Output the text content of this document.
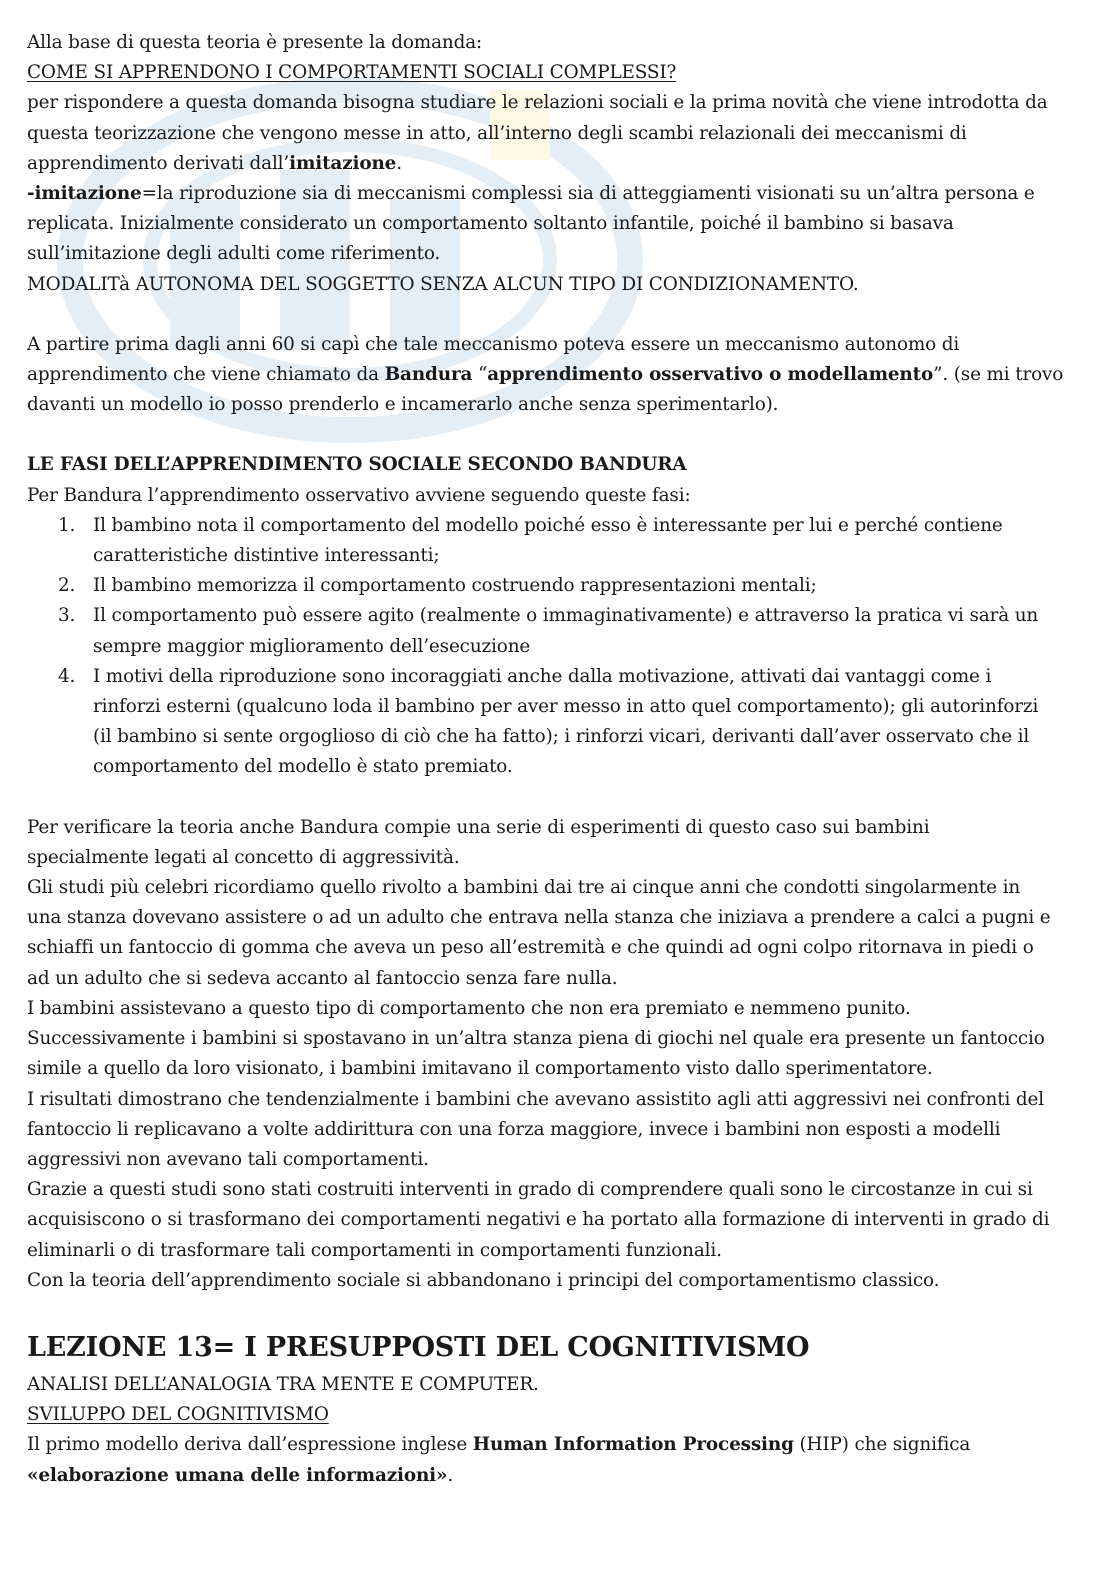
Alla base di questa teoria è presente la domanda:

COME SI APPRENDONO I COMPORTAMENTI SOCIALI COMPLESSI?

per rispondere a questa domanda bisogna studiare le relazioni sociali e la prima novità che viene introdotta da

questa teorizzazione che vengono messe in atto, all’interno degli scambi relazionali dei meccanismi di

apprendimento derivati dall’imitazione.

-imitazione=la riproduzione sia di meccanismi complessi sia di atteggiamenti visionati su un’altra persona e

replicata. Inizialmente considerato un comportamento soltanto infantile, poiché il bambino si basava

sull’imitazione degli adulti come riferimento.

MODALITà AUTONOMA DEL SOGGETTO SENZA ALCUN TIPO DI CONDIZIONAMENTO.

A partire prima dagli anni 60 si capì che tale meccanismo poteva essere un meccanismo autonomo di

apprendimento che viene chiamato da Bandura “apprendimento osservativo o modellamento”. (se mi trovo

davanti un modello io posso prenderlo e incamerarlo anche senza sperimentarlo).

LE FASI DELL’APPRENDIMENTO SOCIALE SECONDO BANDURA

Per Bandura l’apprendimento osservativo avviene seguendo queste fasi:

1. Il bambino nota il comportamento del modello poiché esso è interessante per lui e perché contiene
caratteristiche distintive interessanti;
2. Il bambino memorizza il comportamento costruendo rappresentazioni mentali;
3. Il comportamento può essere agito (realmente o immaginativamente) e attraverso la pratica vi sarà un
sempre maggior miglioramento dell’esecuzione
4. I motivi della riproduzione sono incoraggiati anche dalla motivazione, attivati dai vantaggi come i
rinforzi esterni (qualcuno loda il bambino per aver messo in atto quel comportamento); gli autorinforzi
(il bambino si sente orgoglioso di ciò che ha fatto); i rinforzi vicari, derivanti dall’aver osservato che il
comportamento del modello è stato premiato.

Per verificare la teoria anche Bandura compie una serie di esperimenti di questo caso sui bambini

specialmente legati al concetto di aggressività.

Gli studi più celebri ricordiamo quello rivolto a bambini dai tre ai cinque anni che condotti singolarmente in

una stanza dovevano assistere o ad un adulto che entrava nella stanza che iniziava a prendere a calci a pugni e

schiaffi un fantoccio di gomma che aveva un peso all’estremità e che quindi ad ogni colpo ritornava in piedi o

ad un adulto che si sedeva accanto al fantoccio senza fare nulla.

I bambini assistevano a questo tipo di comportamento che non era premiato e nemmeno punito.

Successivamente i bambini si spostavano in un’altra stanza piena di giochi nel quale era presente un fantoccio

simile a quello da loro visionato, i bambini imitavano il comportamento visto dallo sperimentatore.

I risultati dimostrano che tendenzialmente i bambini che avevano assistito agli atti aggressivi nei confronti del

fantoccio li replicavano a volte addirittura con una forza maggiore, invece i bambini non esposti a modelli

aggressivi non avevano tali comportamenti.

Grazie a questi studi sono stati costruiti interventi in grado di comprendere quali sono le circostanze in cui si

acquisiscono o si trasformano dei comportamenti negativi e ha portato alla formazione di interventi in grado di

eliminarli o di trasformare tali comportamenti in comportamenti funzionali.

Con la teoria dell’apprendimento sociale si abbandonano i principi del comportamentismo classico.

LEZIONE 13= I PRESUPPOSTI DEL COGNITIVISMO

ANALISI DELL’ANALOGIA TRA MENTE E COMPUTER.

SVILUPPO DEL COGNITIVISMO

Il primo modello deriva dall’espressione inglese Human Information Processing (HIP) che significa

«elaborazione umana delle informazioni».
